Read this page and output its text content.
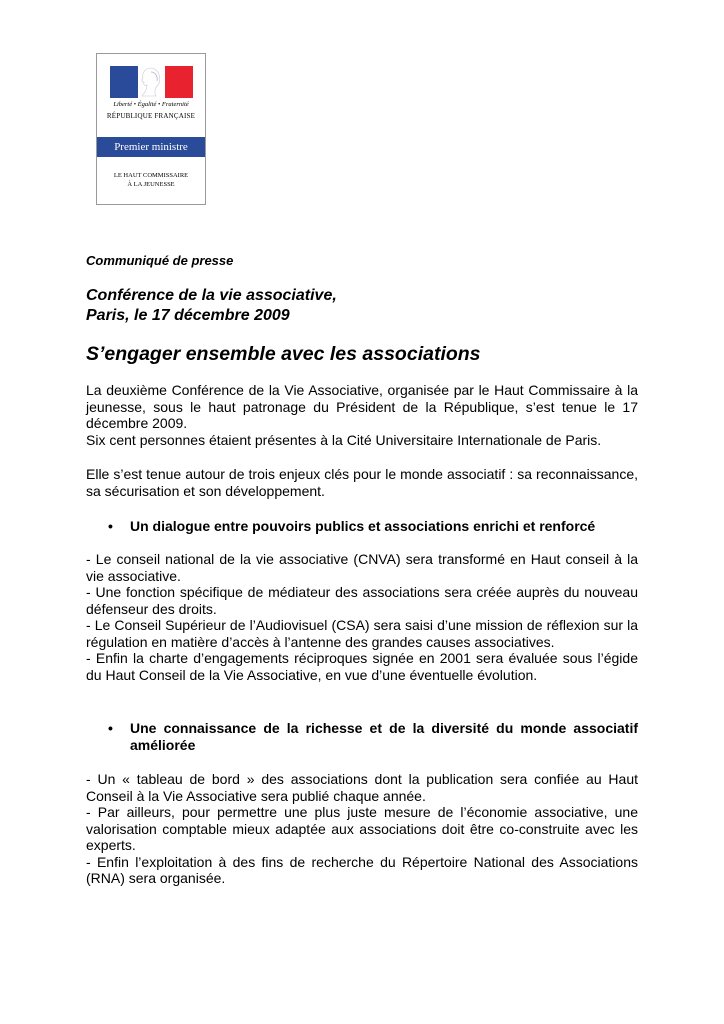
Liberté • Égalité • Fraternité
RÉPUBLIQUE FRANÇAISE
Premier ministre
LE HAUT COMMISSAIRE
À LA JEUNESSE
Communiqué de presse
Conférence de la vie associative,
Paris, le 17 décembre 2009
S’engager ensemble avec les associations

La deuxième Conférence de la Vie Associative, organisée par le Haut Commissaire à la jeunesse, sous le haut patronage du Président de la République, s’est tenue le 17 décembre 2009.

Six cent personnes étaient présentes à la Cité Universitaire Internationale de Paris.

Elle s’est tenue autour de trois enjeux clés pour le monde associatif : sa reconnaissance, sa sécurisation et son développement.
• Un dialogue entre pouvoirs publics et associations enrichi et renforcé

- Le conseil national de la vie associative (CNVA) sera transformé en Haut conseil à la vie associative.

- Une fonction spécifique de médiateur des associations sera créée auprès du nouveau défenseur des droits.

- Le Conseil Supérieur de l’Audiovisuel (CSA) sera saisi d’une mission de réflexion sur la régulation en matière d’accès à l’antenne des grandes causes associatives.

- Enfin la charte d’engagements réciproques signée en 2001 sera évaluée sous l’égide du Haut Conseil de la Vie Associative, en vue d’une éventuelle évolution.

• Une connaissance de la richesse et de la diversité du monde associatif améliorée

- Un « tableau de bord » des associations dont la publication sera confiée au Haut Conseil à la Vie Associative sera publié chaque année.

- Par ailleurs, pour permettre une plus juste mesure de l’économie associative, une valorisation comptable mieux adaptée aux associations doit être co-construite avec les experts.

- Enfin l’exploitation à des fins de recherche du Répertoire National des Associations (RNA) sera organisée.
